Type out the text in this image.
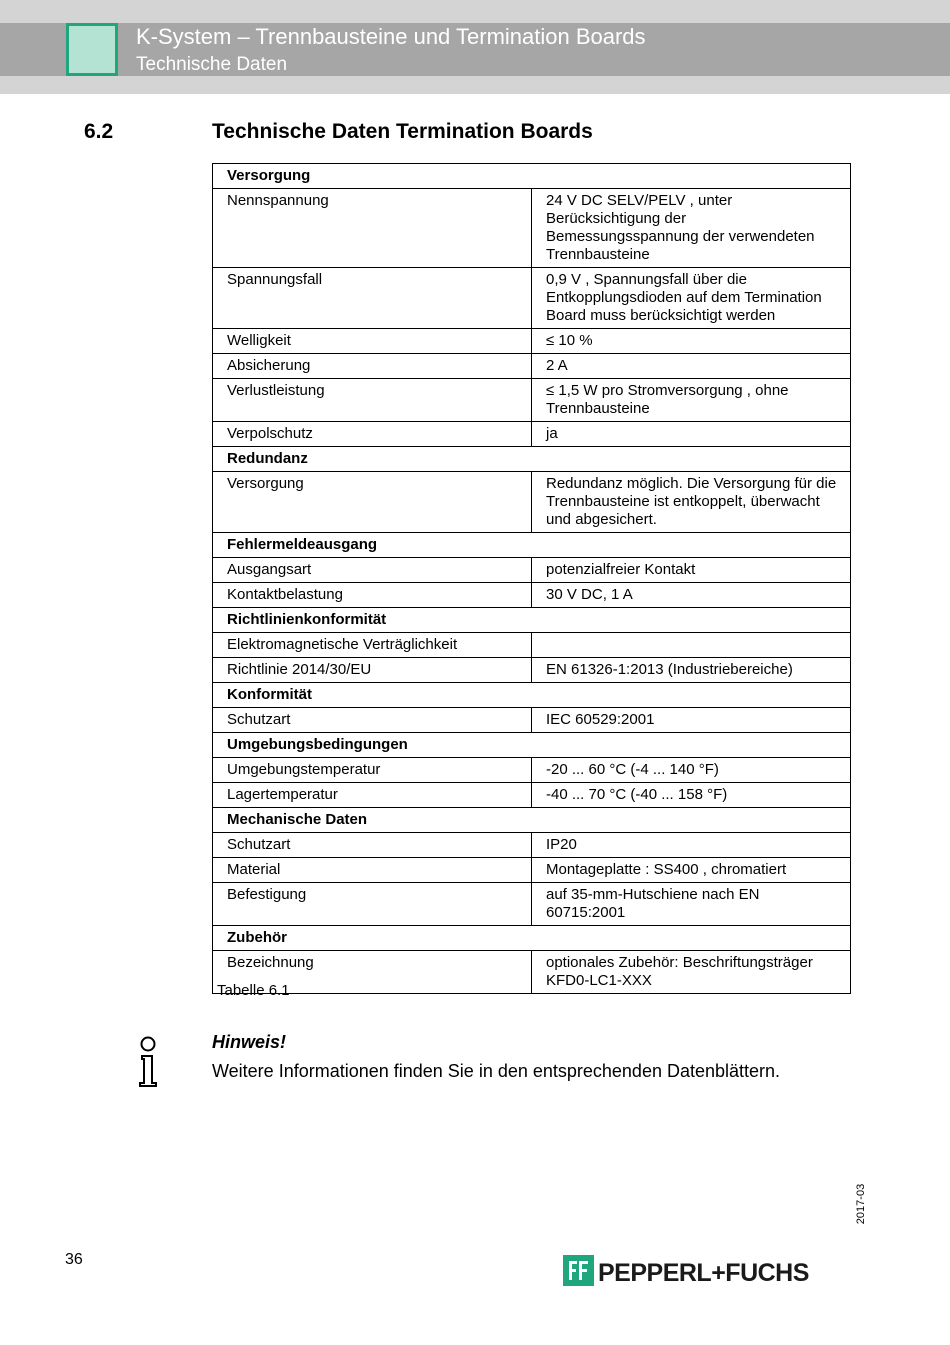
K-System – Trennbausteine und Termination Boards
Technische Daten
6.2	Technische Daten Termination Boards
Versorgung	
Nennspannung	24 V DC SELV/PELV , unter Berücksichtigung der Bemessungsspannung der verwendeten Trennbausteine
Spannungsfall	0,9 V , Spannungsfall über die Entkopplungsdioden auf dem Termination Board muss berücksichtigt werden
Welligkeit	≤ 10 %
Absicherung	2 A
Verlustleistung	≤ 1,5 W pro Stromversorgung , ohne Trennbausteine
Verpolschutz	ja
Redundanz	
Versorgung	Redundanz möglich. Die Versorgung für die Trennbausteine ist entkoppelt, überwacht und abgesichert.
Fehlermeldeausgang	
Ausgangsart	potenzialfreier Kontakt
Kontaktbelastung	30 V DC, 1 A
Richtlinienkonformität	
Elektromagnetische Verträglichkeit	
Richtlinie 2014/30/EU	EN 61326-1:2013 (Industriebereiche)
Konformität	
Schutzart	IEC 60529:2001
Umgebungsbedingungen	
Umgebungstemperatur	-20 ... 60 °C (-4 ... 140 °F)
Lagertemperatur	-40 ... 70 °C (-40 ... 158 °F)
Mechanische Daten	
Schutzart	IP20
Material	Montageplatte : SS400 , chromatiert
Befestigung	auf 35-mm-Hutschiene nach EN 60715:2001
Zubehör	
Bezeichnung	optionales Zubehör: Beschriftungsträger KFD0-LC1-XXX
Tabelle 6.1
Hinweis!
Weitere Informationen finden Sie in den entsprechenden Datenblättern.
2017-03
36	PEPPERL+FUCHS
